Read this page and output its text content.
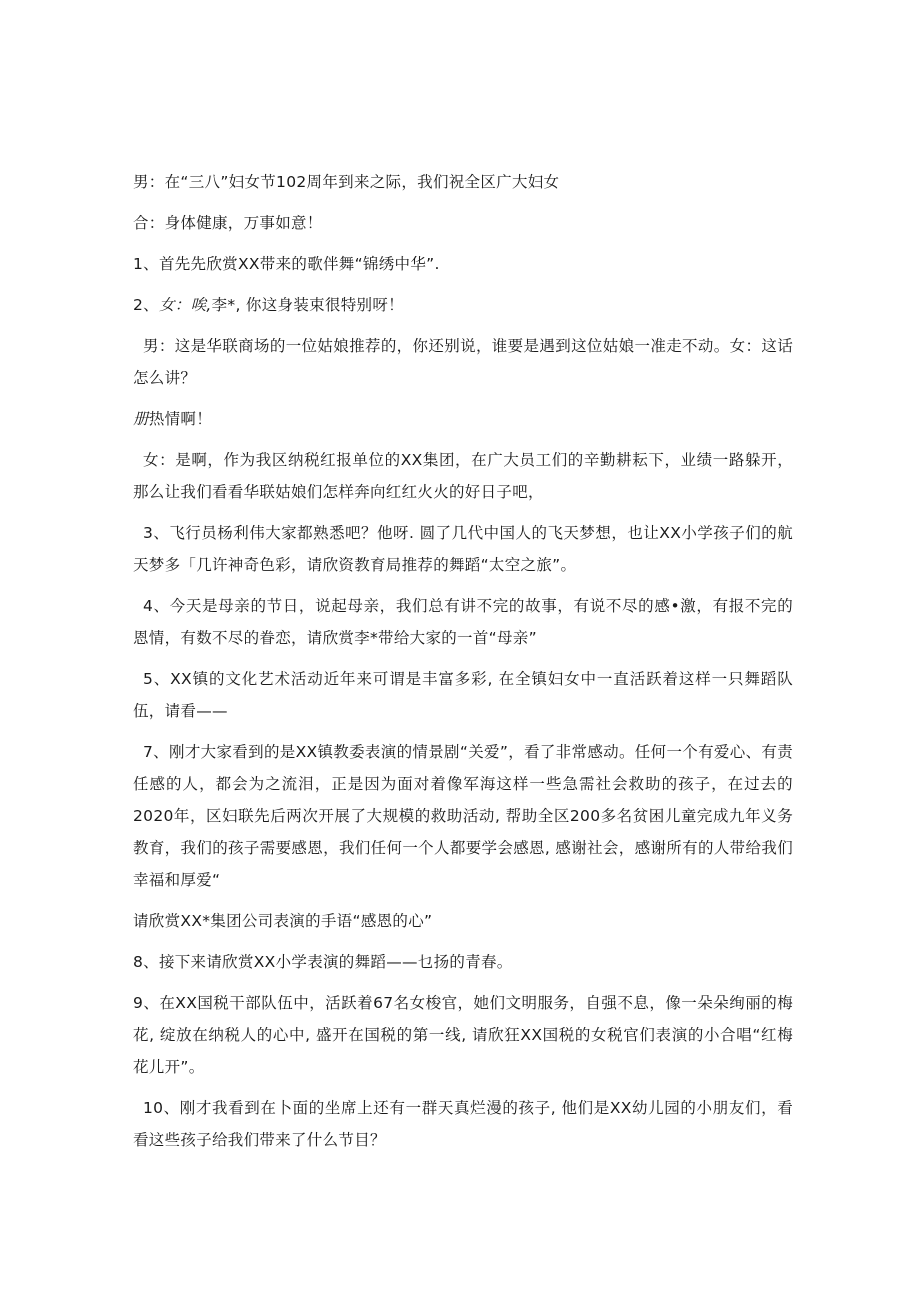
男：在“三八”妇女节102周年到来之际，我们祝全区广大妇女

合：身体健康，万事如意！

1、首先先欣赏XX带来的歌伴舞“锦绣中华”.

2、女：唉,李*, 你这身装束很特别呀！

男：这是华联商场的一位姑娘推荐的，你还别说，谁要是遇到这位姑娘一准走不动。女：这话怎么讲？

册热情啊！

女：是啊，作为我区纳税红报单位的XX集团，在广大员工们的辛勤耕耘下，业绩一路躲开，那么让我们看看华联姑娘们怎样奔向红红火火的好日子吧，

3、飞行员杨利伟大家都熟悉吧？他呀. 圆了几代中国人的飞天梦想，也让XX小学孩子们的航天梦多「几许神奇色彩，请欣资教育局推荐的舞蹈“太空之旅”。

4、今天是母亲的节日，说起母亲，我们总有讲不完的故事，有说不尽的感•激，有报不完的恩情，有数不尽的眷恋，请欣赏李*带给大家的一首“母亲”

5、XX镇的文化艺术活动近年来可谓是丰富多彩, 在全镇妇女中一直活跃着这样一只舞蹈队伍，请看——

7、刚才大家看到的是XX镇教委表演的情景剧“关爱”，看了非常感动。任何一个有爱心、有责任感的人，都会为之流泪，正是因为面对着像军海这样一些急需社会救助的孩子，在过去的2020年，区妇联先后两次开展了大规模的救助活动, 帮助全区200多名贫困儿童完成九年义务教育，我们的孩子需要感恩，我们任何一个人都要学会感恩, 感谢社会，感谢所有的人带给我们幸福和厚爱“

请欣赏XX*集团公司表演的手语“感恩的心”

8、接下来请欣赏XX小学表演的舞蹈——乜扬的青春。

9、在XX国税干部队伍中，活跃着67名女梭官，她们文明服务，自强不息，像一朵朵绚丽的梅花, 绽放在纳税人的心中, 盛开在国税的第一线, 请欣狂XX国税的女税官们表演的小合唱“红梅花儿开”。

10、刚才我看到在卜面的坐席上还有一群天真烂漫的孩子, 他们是XX幼儿园的小朋友们，看看这些孩子给我们带来了什么节目？
